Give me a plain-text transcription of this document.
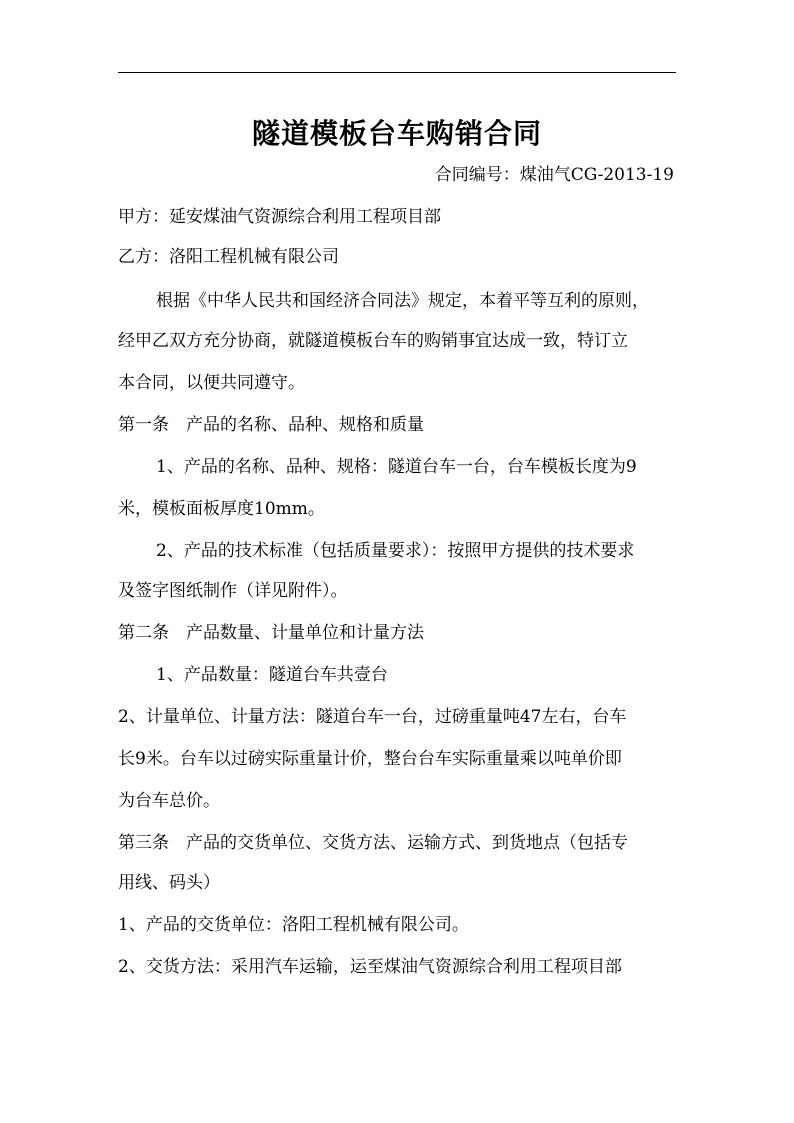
隧道模板台车购销合同
合同编号：煤油气CG-2013-19
甲方：延安煤油气资源综合利用工程项目部
乙方：洛阳工程机械有限公司
根据《中华人民共和国经济合同法》规定，本着平等互利的原则，
经甲乙双方充分协商，就隧道模板台车的购销事宜达成一致，特订立
本合同，以便共同遵守。
第一条　产品的名称、品种、规格和质量
1、产品的名称、品种、规格：隧道台车一台，台车模板长度为9
米，模板面板厚度10mm。
2、产品的技术标准（包括质量要求）：按照甲方提供的技术要求
及签字图纸制作（详见附件）。
第二条　产品数量、计量单位和计量方法
1、产品数量：隧道台车共壹台
2、计量单位、计量方法：隧道台车一台，过磅重量吨47左右，台车
长9米。台车以过磅实际重量计价，整台台车实际重量乘以吨单价即
为台车总价。
第三条　产品的交货单位、交货方法、运输方式、到货地点（包括专
用线、码头）
1、产品的交货单位：洛阳工程机械有限公司。
2、交货方法：采用汽车运输，运至煤油气资源综合利用工程项目部
